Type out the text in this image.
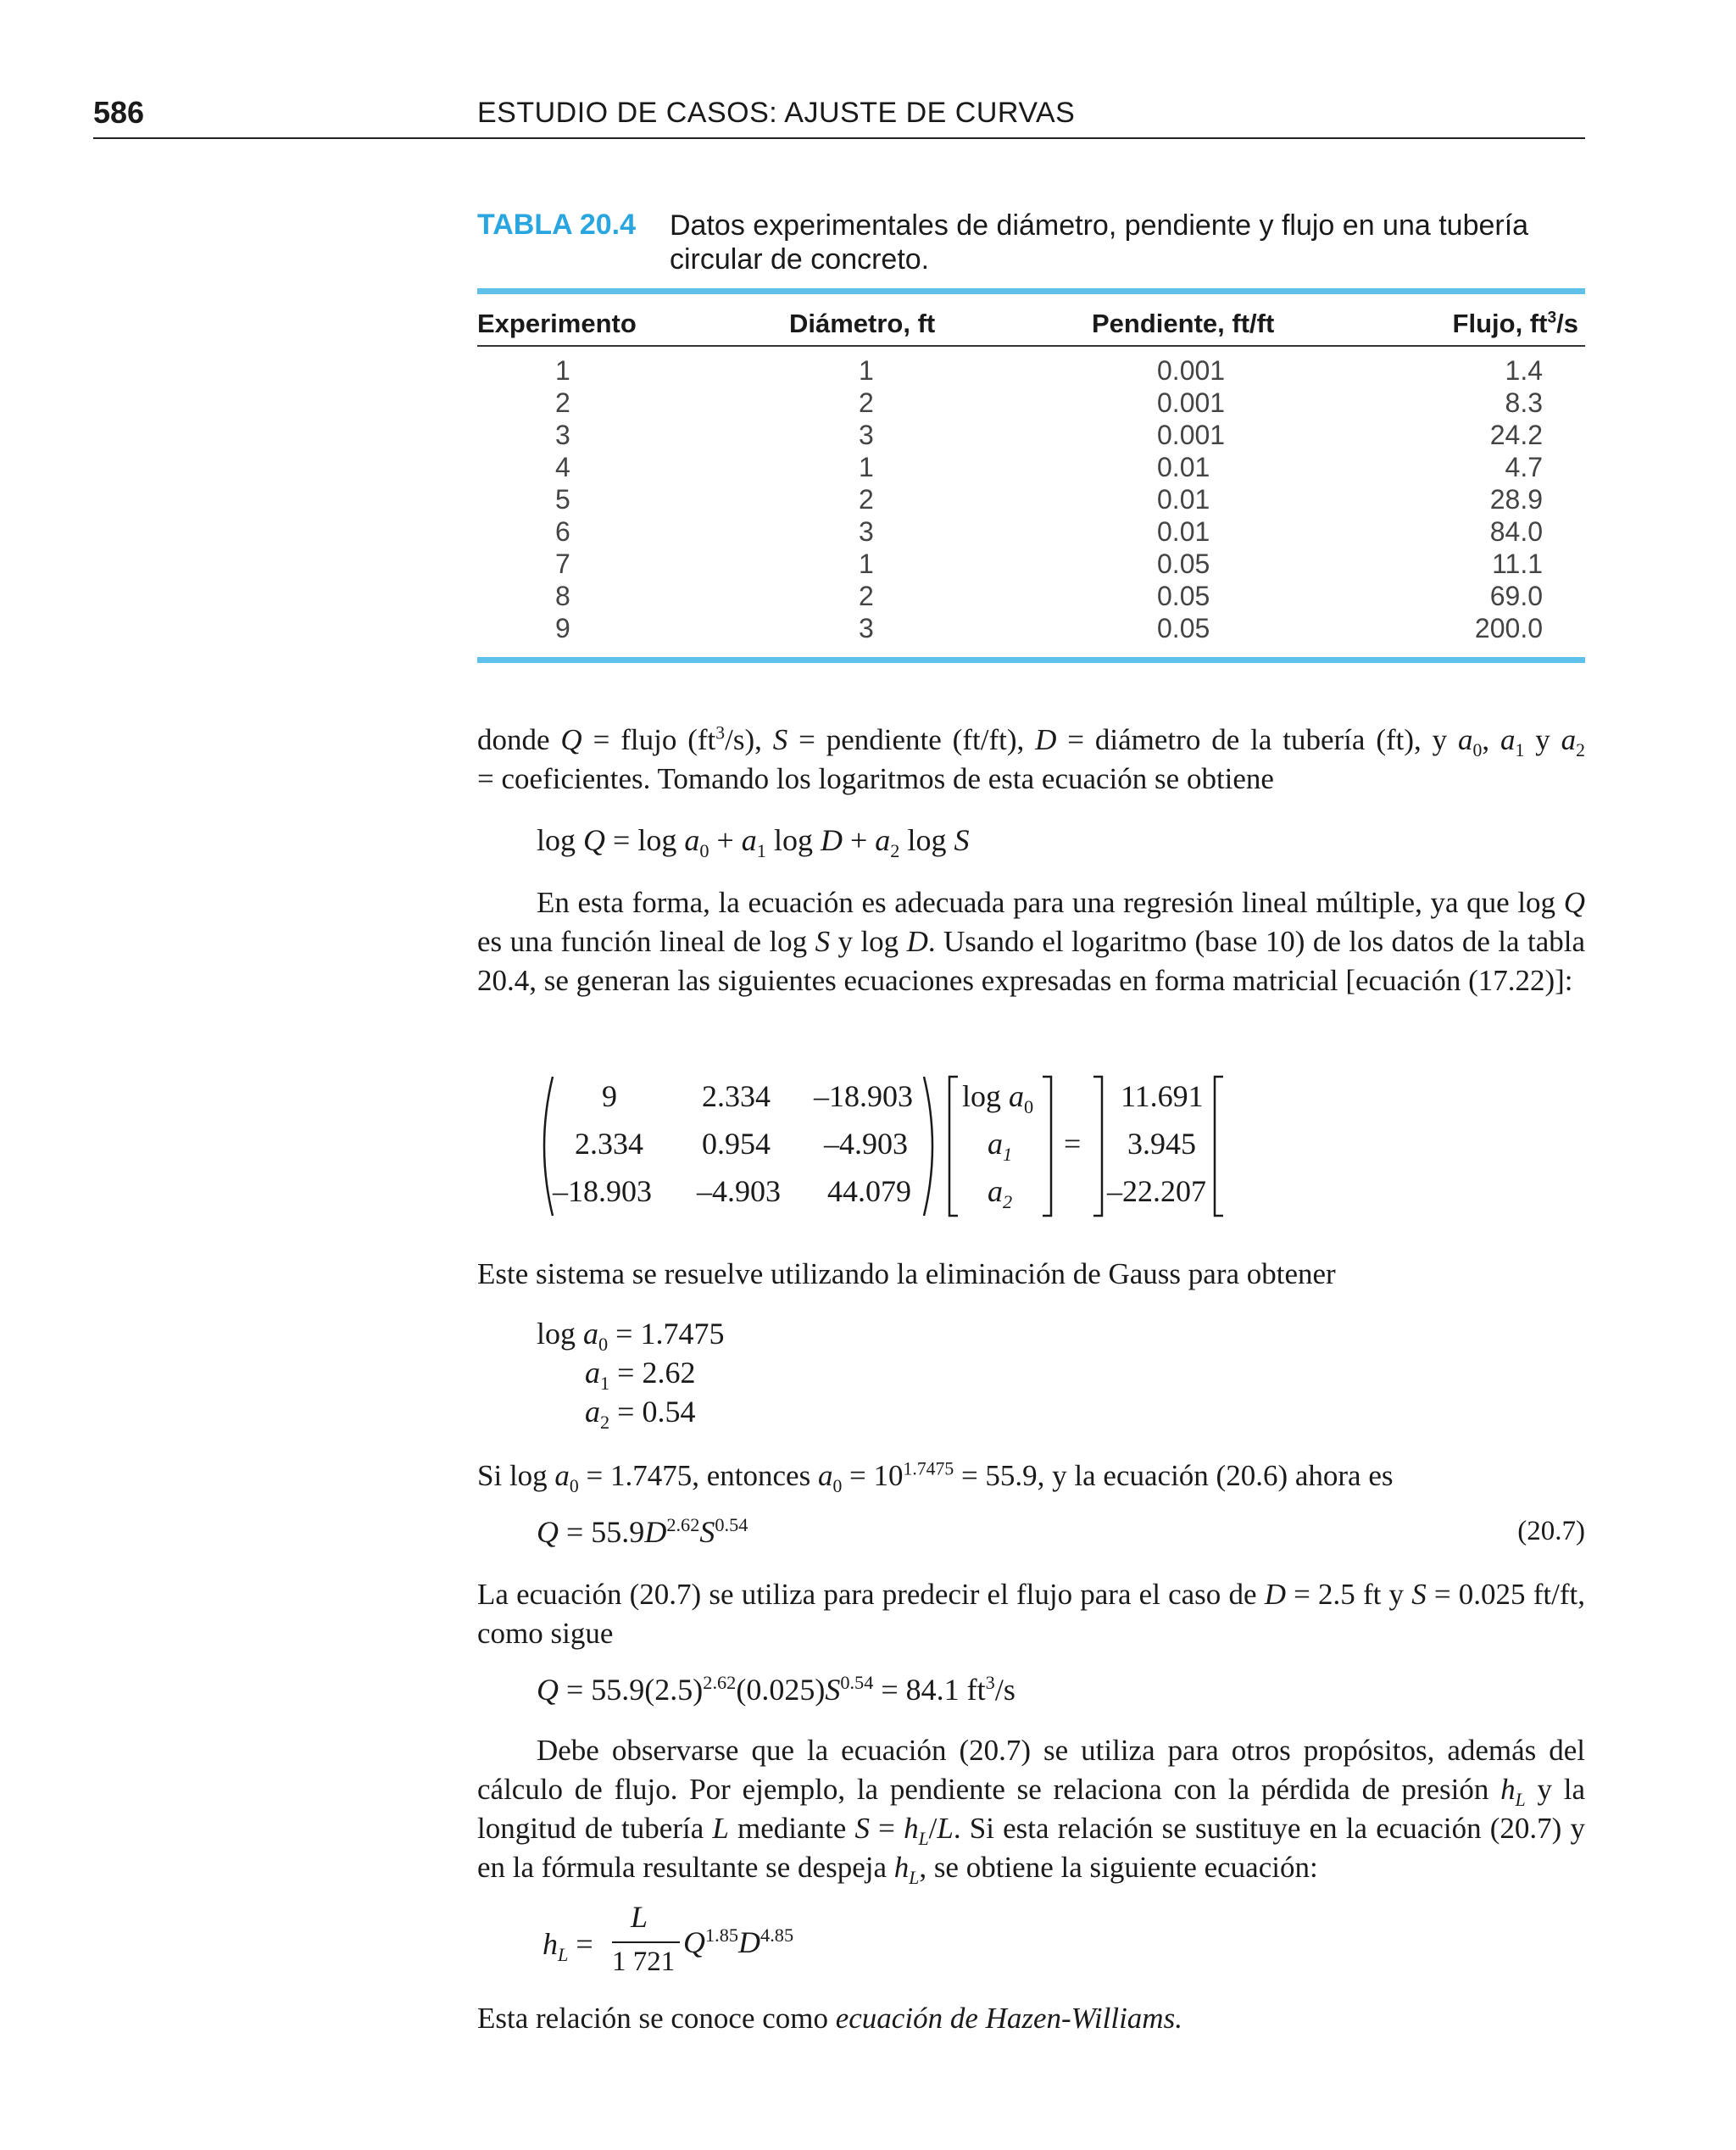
586	ESTUDIO DE CASOS: AJUSTE DE CURVAS
TABLA 20.4 Datos experimentales de diámetro, pendiente y flujo en una tubería
circular de concreto.
Experimento	Diámetro, ft	Pendiente, ft/ft	Flujo, $ft^3/s$
1	1	0.001	1.4
2	2	0.001	8.3
3	3	0.001	24.2
4	1	0.01	4.7
5	2	0.01	28.9
6	3	0.01	84.0
7	1	0.05	11.1
8	2	0.05	69.0
9	3	0.05	200.0
donde Q = flujo $(ft^3/s)$, S = pendiente (ft/ft), D = diámetro de la tubería (ft), y $a_0$, $a_1$ y $a_2$
= coeficientes. Tomando los logaritmos de esta ecuación se obtiene
$\log Q = \log a_0 + a_1$ $\log D + a_2$ log S
En esta forma, la ecuación es adecuada para una regresión lineal múltiple, ya que log Q es una función lineal de log S y log D. Usando el logaritmo (base 10) de los datos de la tabla 20.4, se generan las siguientes ecuaciones expresadas en forma matricial [ecuación (17.22)]:
9	2.334 –18.903
2.334 0.954 –4.903
–18.903 –4.903 44.079
$\log a_0$
$a_1$
$a_2$
=
11.691
3.945
–22.207
Este sistema se resuelve utilizando la eliminación de Gauss para obtener
$\log a_0 = 1.7475$
$a_1 = 2.62$
$a_2 = 0.54$
Si $\log a_0 = 1.7475$, entonces $a_0 = 10^{1.7475} = 55.9$, y la ecuación (20.6) ahora es
$Q = 55.9D^{2.62}S^{0.54}$	(20.7)
La ecuación (20.7) se utiliza para predecir el flujo para el caso de D = 2.5 ft y S = 0.025 ft/ft, como sigue
$Q = 55.9(2.5)^{2.62}(0.025)S^{0.54} = 84.1$ $ft^3/s$
Debe observarse que la ecuación (20.7) se utiliza para otros propósitos, además del cálculo de flujo. Por ejemplo, la pendiente se relaciona con la pérdida de presión $h_L$ y la longitud de tubería L mediante $S = h_L/L$. Si esta relación se sustituye en la ecuación (20.7) y en la fórmula resultante se despeja $h_L$, se obtiene la siguiente ecuación:
$h_L$ =
L
1 721
$Q^{1.85}D^{4.85}$
Esta relación se conoce como ecuación de Hazen-Williams.
